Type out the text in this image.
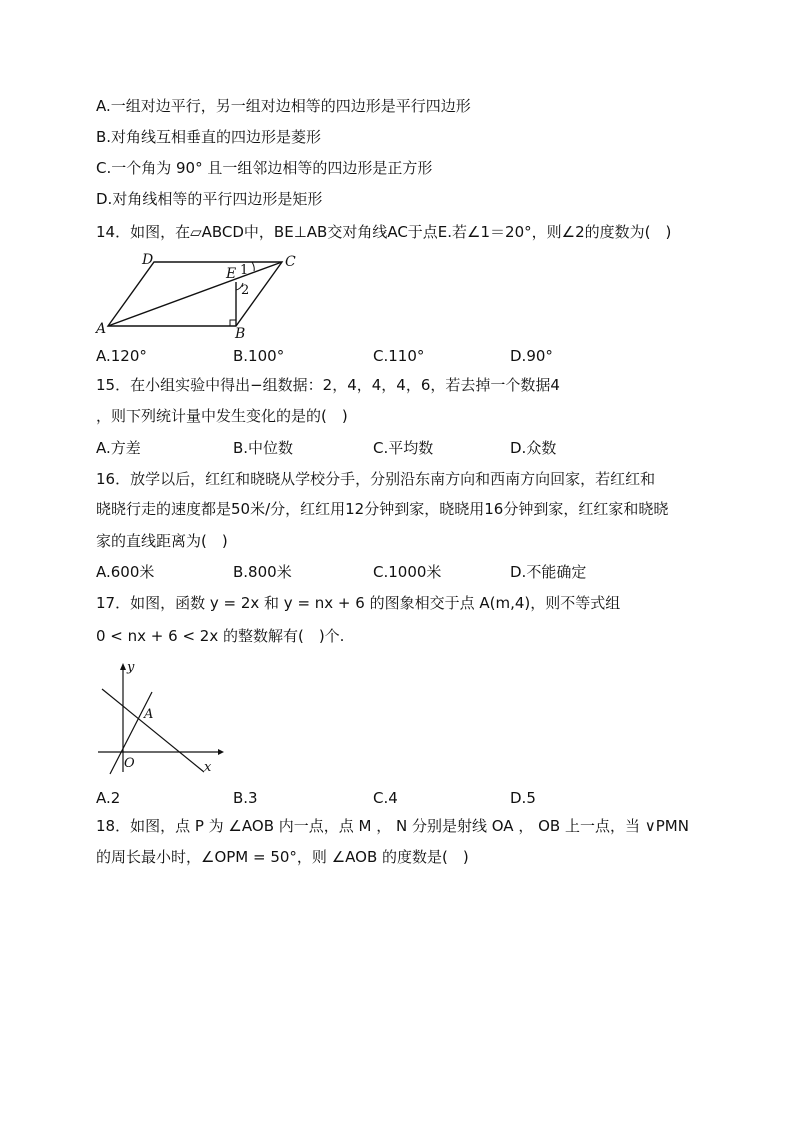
A.一组对边平行，另一组对边相等的四边形是平行四边形
B.对角线互相垂直的四边形是菱形
C.一个角为 90° 且一组邻边相等的四边形是正方形
D.对角线相等的平行四边形是矩形
14．如图，在▱ABCD中，BE⊥AB交对角线AC于点E.若∠1＝20°，则∠2的度数为(　)
A	B
C
D
E 1
2
A.120°	B.100°	C.110°	D.90°
15．在小组实验中得出−组数据：2，4，4，4，6，若去掉一个数据4
，则下列统计量中发生变化的是的(　)
A.方差	B.中位数	C.平均数	D.众数
16．放学以后，红红和晓晓从学校分手，分别沿东南方向和西南方向回家，若红红和
晓晓行走的速度都是50米/分，红红用12分钟到家，晓晓用16分钟到家，红红家和晓晓
家的直线距离为(　)
A.600米	B.800米	C.1000米	D.不能确定
17．如图，函数 y = 2x 和 y = nx + 6 的图象相交于点 A(m,4)，则不等式组
0 < nx + 6 < 2x 的整数解有(　)个.
y
x
O
A
A.2	B.3	C.4	D.5
18．如图，点 P 为 ∠AOB 内一点，点 M ， N 分别是射线 OA ， OB 上一点，当 ∨PMN
的周长最小时，∠OPM = 50°，则 ∠AOB 的度数是(　)
